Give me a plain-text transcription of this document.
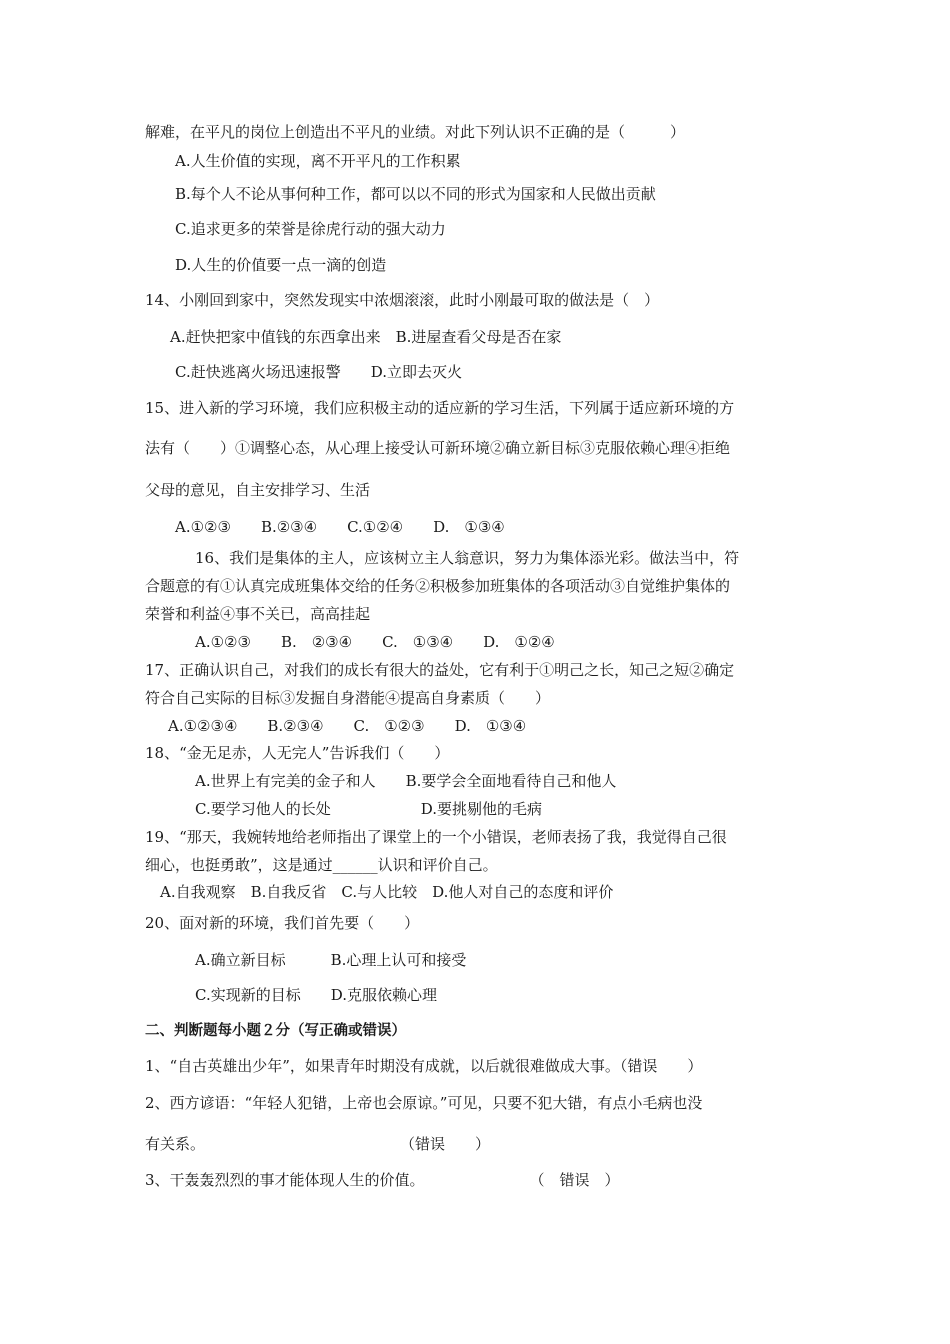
解难，在平凡的岗位上创造出不平凡的业绩。对此下列认识不正确的是（　　　）
A.人生价值的实现，离不开平凡的工作积累
B.每个人不论从事何种工作，都可以以不同的形式为国家和人民做出贡献
C.追求更多的荣誉是徐虎行动的强大动力
D.人生的价值要一点一滴的创造
14、小刚回到家中，突然发现实中浓烟滚滚，此时小刚最可取的做法是（　）
A.赶快把家中值钱的东西拿出来　B.进屋查看父母是否在家
C.赶快逃离火场迅速报警　　D.立即去灭火
15、进入新的学习环境，我们应积极主动的适应新的学习生活，下列属于适应新环境的方
法有（　　）①调整心态，从心理上接受认可新环境②确立新目标③克服依赖心理④拒绝
父母的意见，自主安排学习、生活
A.①②③　　B.②③④　　C.①②④　　D.　①③④
16、我们是集体的主人，应该树立主人翁意识，努力为集体添光彩。做法当中，符
合题意的有①认真完成班集体交给的任务②积极参加班集体的各项活动③自觉维护集体的
荣誉和利益④事不关已，高高挂起
A.①②③　　B.　②③④　　C.　①③④　　D.　①②④
17、正确认识自己，对我们的成长有很大的益处，它有利于①明己之长，知己之短②确定
符合自己实际的目标③发掘自身潜能④提高自身素质（　　）
A.①②③④　　B.②③④　　C.　①②③　　D.　①③④
18、“金无足赤，人无完人”告诉我们（　　）
A.世界上有完美的金子和人　　B.要学会全面地看待自己和他人
C.要学习他人的长处　　　　　　D.要挑剔他的毛病
19、“那天，我婉转地给老师指出了课堂上的一个小错误，老师表扬了我，我觉得自己很
细心，也挺勇敢”，这是通过______认识和评价自己。
A.自我观察　B.自我反省　C.与人比较　D.他人对自己的态度和评价
20、面对新的环境，我们首先要（　　）
A.确立新目标　　　B.心理上认可和接受
C.实现新的目标　　D.克服依赖心理
二、判断题每小题２分（写正确或错误）
1、“自古英雄出少年”，如果青年时期没有成就，以后就很难做成大事。（错误　　）
2、西方谚语：“年轻人犯错，上帝也会原谅。”可见，只要不犯大错，有点小毛病也没
有关系。　　　　　　　　　　　　　　（错误　　）
3、干轰轰烈烈的事才能体现人生的价值。　　　　　　　　（　错误　）
